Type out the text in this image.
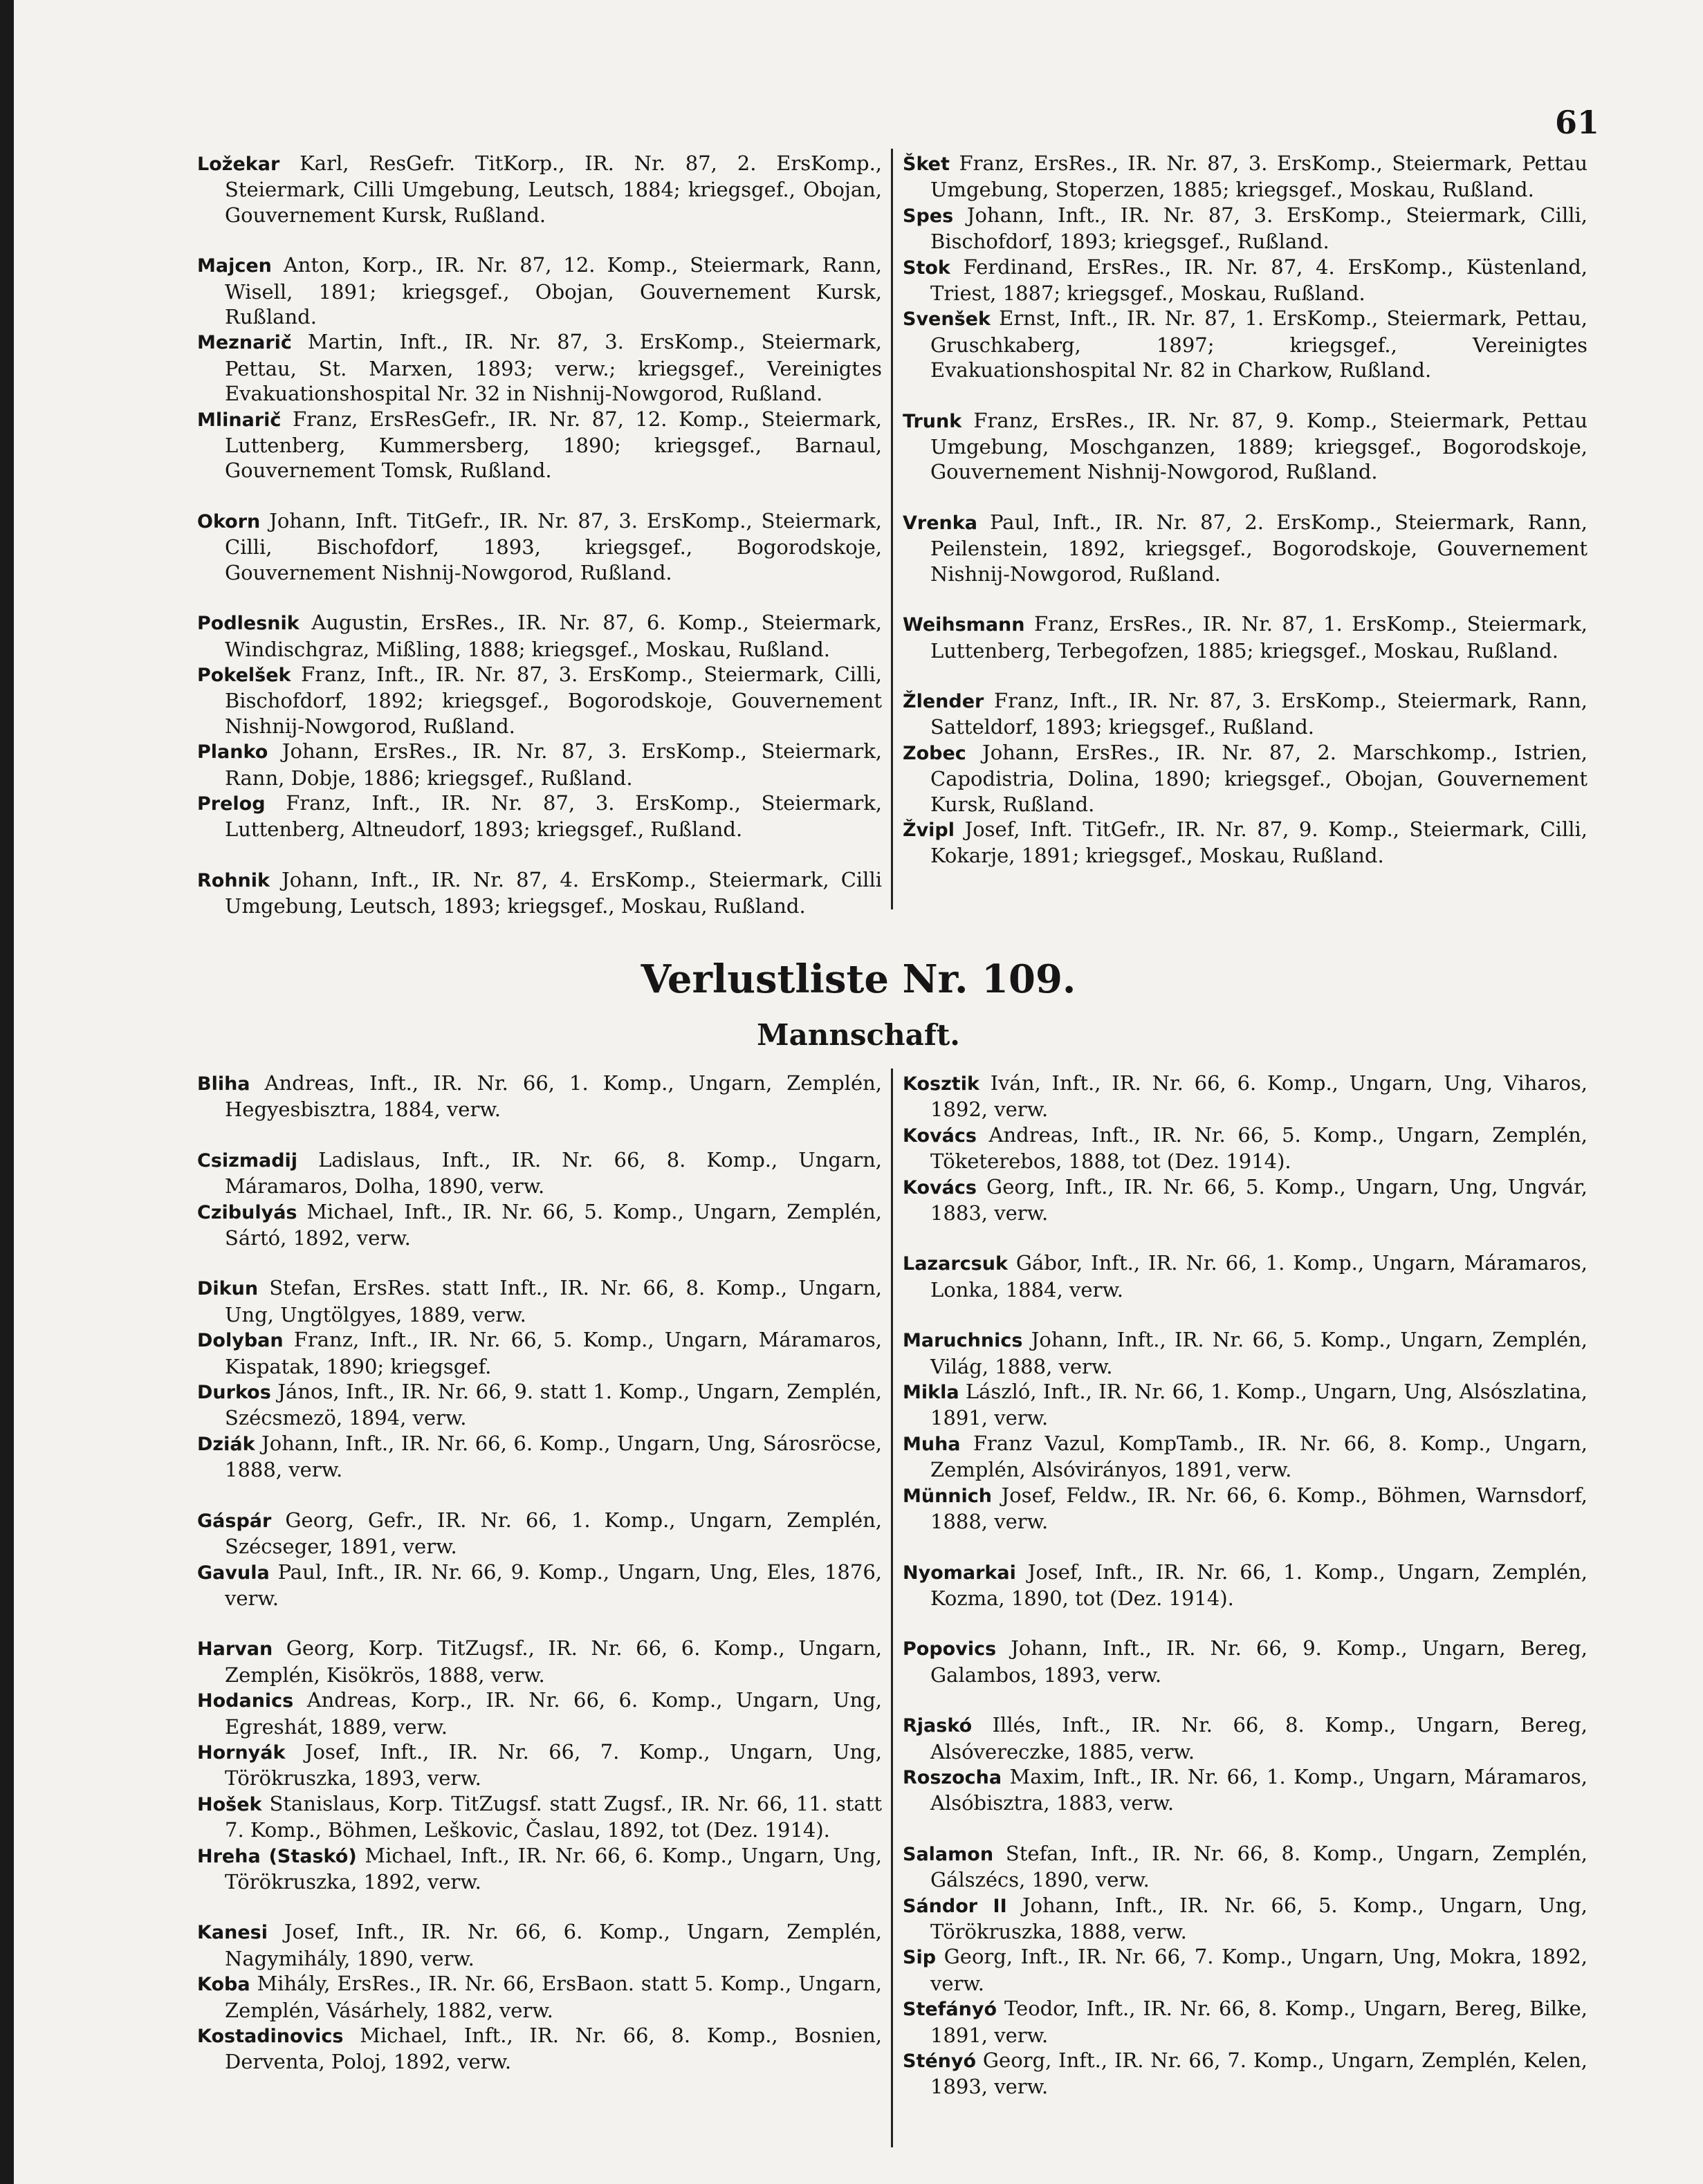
61

Ložekar Karl, ResGefr. TitKorp., IR. Nr. 87, 2. ErsKomp., Steiermark, Cilli Umgebung, Leutsch, 1884; kriegsgef., Obojan, Gouvernement Kursk, Rußland.

Majcen Anton, Korp., IR. Nr. 87, 12. Komp., Steiermark, Rann, Wisell, 1891; kriegsgef., Obojan, Gouvernement Kursk, Rußland.

Meznarič Martin, Inft., IR. Nr. 87, 3. ErsKomp., Steiermark, Pettau, St. Marxen, 1893; verw.; kriegsgef., Vereinigtes Evakuationshospital Nr. 32 in Nishnij-Nowgorod, Rußland.

Mlinarič Franz, ErsResGefr., IR. Nr. 87, 12. Komp., Steiermark, Luttenberg, Kummersberg, 1890; kriegsgef., Barnaul, Gouvernement Tomsk, Rußland.

Okorn Johann, Inft. TitGefr., IR. Nr. 87, 3. ErsKomp., Steiermark, Cilli, Bischofdorf, 1893, kriegsgef., Bogorodskoje, Gouvernement Nishnij-Nowgorod, Rußland.

Podlesnik Augustin, ErsRes., IR. Nr. 87, 6. Komp., Steiermark, Windischgraz, Mißling, 1888; kriegsgef., Moskau, Rußland.

Pokelšek Franz, Inft., IR. Nr. 87, 3. ErsKomp., Steiermark, Cilli, Bischofdorf, 1892; kriegsgef., Bogorodskoje, Gouvernement Nishnij-Nowgorod, Rußland.

Planko Johann, ErsRes., IR. Nr. 87, 3. ErsKomp., Steiermark, Rann, Dobje, 1886; kriegsgef., Rußland.

Prelog Franz, Inft., IR. Nr. 87, 3. ErsKomp., Steiermark, Luttenberg, Altneudorf, 1893; kriegsgef., Rußland.

Rohnik Johann, Inft., IR. Nr. 87, 4. ErsKomp., Steiermark, Cilli Umgebung, Leutsch, 1893; kriegsgef., Moskau, Rußland.

Šket Franz, ErsRes., IR. Nr. 87, 3. ErsKomp., Steiermark, Pettau Umgebung, Stoperzen, 1885; kriegsgef., Moskau, Rußland.

Spes Johann, Inft., IR. Nr. 87, 3. ErsKomp., Steiermark, Cilli, Bischofdorf, 1893; kriegsgef., Rußland.

Stok Ferdinand, ErsRes., IR. Nr. 87, 4. ErsKomp., Küstenland, Triest, 1887; kriegsgef., Moskau, Rußland.

Svenšek Ernst, Inft., IR. Nr. 87, 1. ErsKomp., Steiermark, Pettau, Gruschkaberg, 1897; kriegsgef., Vereinigtes Evakuationshospital Nr. 82 in Charkow, Rußland.

Trunk Franz, ErsRes., IR. Nr. 87, 9. Komp., Steiermark, Pettau Umgebung, Moschganzen, 1889; kriegsgef., Bogorodskoje, Gouvernement Nishnij-Nowgorod, Rußland.

Vrenka Paul, Inft., IR. Nr. 87, 2. ErsKomp., Steiermark, Rann, Peilenstein, 1892, kriegsgef., Bogorodskoje, Gouvernement Nishnij-Nowgorod, Rußland.

Weihsmann Franz, ErsRes., IR. Nr. 87, 1. ErsKomp., Steiermark, Luttenberg, Terbegofzen, 1885; kriegsgef., Moskau, Rußland.

Žlender Franz, Inft., IR. Nr. 87, 3. ErsKomp., Steiermark, Rann, Satteldorf, 1893; kriegsgef., Rußland.

Zobec Johann, ErsRes., IR. Nr. 87, 2. Marschkomp., Istrien, Capodistria, Dolina, 1890; kriegsgef., Obojan, Gouvernement Kursk, Rußland.

Žvipl Josef, Inft. TitGefr., IR. Nr. 87, 9. Komp., Steiermark, Cilli, Kokarje, 1891; kriegsgef., Moskau, Rußland.

Verlustliste Nr. 109.
Mannschaft.

Bliha Andreas, Inft., IR. Nr. 66, 1. Komp., Ungarn, Zemplén, Hegyesbisztra, 1884, verw.

Csizmadij Ladislaus, Inft., IR. Nr. 66, 8. Komp., Ungarn, Máramaros, Dolha, 1890, verw.

Czibulyás Michael, Inft., IR. Nr. 66, 5. Komp., Ungarn, Zemplén, Sártó, 1892, verw.

Dikun Stefan, ErsRes. statt Inft., IR. Nr. 66, 8. Komp., Ungarn, Ung, Ungtölgyes, 1889, verw.

Dolyban Franz, Inft., IR. Nr. 66, 5. Komp., Ungarn, Máramaros, Kispatak, 1890; kriegsgef.

Durkos János, Inft., IR. Nr. 66, 9. statt 1. Komp., Ungarn, Zemplén, Szécsmezö, 1894, verw.

Dziák Johann, Inft., IR. Nr. 66, 6. Komp., Ungarn, Ung, Sárosröcse, 1888, verw.

Gáspár Georg, Gefr., IR. Nr. 66, 1. Komp., Ungarn, Zemplén, Szécseger, 1891, verw.

Gavula Paul, Inft., IR. Nr. 66, 9. Komp., Ungarn, Ung, Eles, 1876, verw.

Harvan Georg, Korp. TitZugsf., IR. Nr. 66, 6. Komp., Ungarn, Zemplén, Kisökrös, 1888, verw.

Hodanics Andreas, Korp., IR. Nr. 66, 6. Komp., Ungarn, Ung, Egreshát, 1889, verw.

Hornyák Josef, Inft., IR. Nr. 66, 7. Komp., Ungarn, Ung, Törökruszka, 1893, verw.

Hošek Stanislaus, Korp. TitZugsf. statt Zugsf., IR. Nr. 66, 11. statt 7. Komp., Böhmen, Leškovic, Časlau, 1892, tot (Dez. 1914).

Hreha (Staskó) Michael, Inft., IR. Nr. 66, 6. Komp., Ungarn, Ung, Törökruszka, 1892, verw.

Kanesi Josef, Inft., IR. Nr. 66, 6. Komp., Ungarn, Zemplén, Nagymihály, 1890, verw.

Koba Mihály, ErsRes., IR. Nr. 66, ErsBaon. statt 5. Komp., Ungarn, Zemplén, Vásárhely, 1882, verw.

Kostadinovics Michael, Inft., IR. Nr. 66, 8. Komp., Bosnien, Derventa, Poloj, 1892, verw.

Kosztik Iván, Inft., IR. Nr. 66, 6. Komp., Ungarn, Ung, Viharos, 1892, verw.

Kovács Andreas, Inft., IR. Nr. 66, 5. Komp., Ungarn, Zemplén, Töketerebos, 1888, tot (Dez. 1914).

Kovács Georg, Inft., IR. Nr. 66, 5. Komp., Ungarn, Ung, Ungvár, 1883, verw.

Lazarcsuk Gábor, Inft., IR. Nr. 66, 1. Komp., Ungarn, Máramaros, Lonka, 1884, verw.

Maruchnics Johann, Inft., IR. Nr. 66, 5. Komp., Ungarn, Zemplén, Világ, 1888, verw.

Mikla László, Inft., IR. Nr. 66, 1. Komp., Ungarn, Ung, Alsószlatina, 1891, verw.

Muha Franz Vazul, KompTamb., IR. Nr. 66, 8. Komp., Ungarn, Zemplén, Alsóvirányos, 1891, verw.

Münnich Josef, Feldw., IR. Nr. 66, 6. Komp., Böhmen, Warnsdorf, 1888, verw.

Nyomarkai Josef, Inft., IR. Nr. 66, 1. Komp., Ungarn, Zemplén, Kozma, 1890, tot (Dez. 1914).

Popovics Johann, Inft., IR. Nr. 66, 9. Komp., Ungarn, Bereg, Galambos, 1893, verw.

Rjaskó Illés, Inft., IR. Nr. 66, 8. Komp., Ungarn, Bereg, Alsóvereczke, 1885, verw.

Roszocha Maxim, Inft., IR. Nr. 66, 1. Komp., Ungarn, Máramaros, Alsóbisztra, 1883, verw.

Salamon Stefan, Inft., IR. Nr. 66, 8. Komp., Ungarn, Zemplén, Gálszécs, 1890, verw.

Sándor II Johann, Inft., IR. Nr. 66, 5. Komp., Ungarn, Ung, Törökruszka, 1888, verw.

Sip Georg, Inft., IR. Nr. 66, 7. Komp., Ungarn, Ung, Mokra, 1892, verw.

Stefányó Teodor, Inft., IR. Nr. 66, 8. Komp., Ungarn, Bereg, Bilke, 1891, verw.

Stényó Georg, Inft., IR. Nr. 66, 7. Komp., Ungarn, Zemplén, Kelen, 1893, verw.
